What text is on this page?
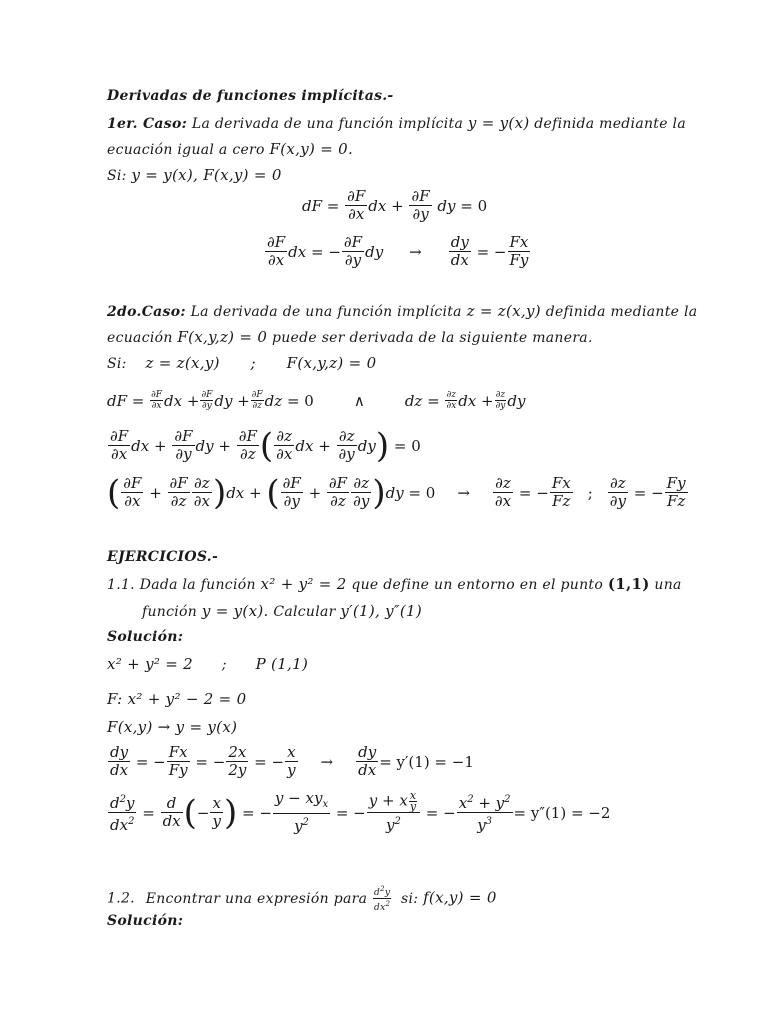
Derivadas de funciones implícitas.-
1er. Caso: La derivada de una función implícita y = y(x) definida mediante la
ecuación igual a cero F(x,y) = 0.
Si: y = y(x), F(x,y) = 0
dF = $\frac{\partial F}{\partial x}$ dx + $\frac{\partial F}{\partial y}$ dy = 0
$\frac{\partial F}{\partial x}$ dx = − $\frac{\partial F}{\partial y}$ dy → $\frac{dy}{dx}$ = − $\frac{Fx}{Fy}$
2do.Caso: La derivada de una función implícita z = z(x,y) definida mediante la
ecuación F(x,y,z) = 0 puede ser derivada de la siguiente manera.
Si: z = z(x,y) ; F(x,y,z) = 0
dF = $\frac{\partial F}{\partial x}$ dx + $\frac{\partial F}{\partial y}$ dy + $\frac{\partial F}{\partial z}$ dz = 0	∧	dz = $\frac{\partial z}{\partial x}$ dx + $\frac{\partial z}{\partial y}$ dy
$\frac{\partial F}{\partial x}$ dx + $\frac{\partial F}{\partial y}$ dy + $\frac{\partial F}{\partial z}$ ( $\frac{\partial z}{\partial x}$ dx + $\frac{\partial z}{\partial y}$ dy ) = 0
( $\frac{\partial F}{\partial x} + \frac{\partial F}{\partial z} \frac{\partial z}{\partial x}$ ) dx + ( $\frac{\partial F}{\partial y} + \frac{\partial F}{\partial z} \frac{\partial z}{\partial y}$ ) dy = $0 \to \frac{\partial z}{\partial x}$ = − $\frac{Fx}{Fz}$ ; $\frac{\partial z}{\partial y}$ = − $\frac{Fy}{Fz}$
EJERCICIOS.-
1.1. Dada la función x² + y² = 2 que define un entorno en el punto (1,1) una
función y = y(x). Calcular y′(1), y″(1)
Solución:
x² + y² = 2 ; P (1,1)
F: x² + y² − 2 = 0
F(x,y) → y = y(x)
$\frac{dy}{dx}$ = − $\frac{Fx}{Fy}$ = − $\frac{2x}{2y}$ = − $\frac{x}{y} \to \frac{dy}{dx} = y'(1) = -1$
$\frac{d^2y}{dx^2} = \frac{d}{dx}$ ( − $\frac{x}{y}$ ) = − $\frac{y - xy_x}{y^2}$ = − $\frac{y + x \frac{x}{y}}{y^2}$ = − $\frac{x^2 + y^2}{y^3} = y''(1) = -2$
1.2. Encontrar una expresión para $\frac{d^2y}{dx^2}$ si: f(x,y) = 0
Solución:
